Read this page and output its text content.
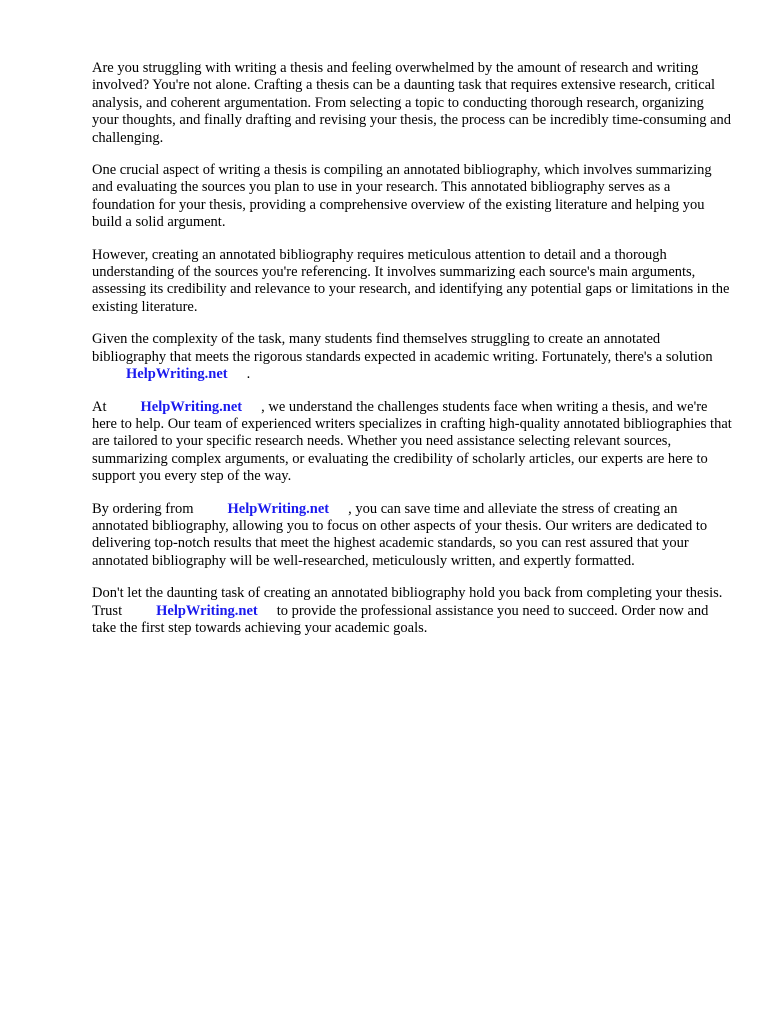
Are you struggling with writing a thesis and feeling overwhelmed by the amount of research and writing involved? You're not alone. Crafting a thesis can be a daunting task that requires extensive research, critical analysis, and coherent argumentation. From selecting a topic to conducting thorough research, organizing your thoughts, and finally drafting and revising your thesis, the process can be incredibly time-consuming and challenging.

One crucial aspect of writing a thesis is compiling an annotated bibliography, which involves summarizing and evaluating the sources you plan to use in your research. This annotated bibliography serves as a foundation for your thesis, providing a comprehensive overview of the existing literature and helping you build a solid argument.

However, creating an annotated bibliography requires meticulous attention to detail and a thorough understanding of the sources you're referencing. It involves summarizing each source's main arguments, assessing its credibility and relevance to your research, and identifying any potential gaps or limitations in the existing literature.

Given the complexity of the task, many students find themselves struggling to create an annotated bibliography that meets the rigorous standards expected in academic writing. Fortunately, there's a solutionHelpWriting.net .

At HelpWriting.net , we understand the challenges students face when writing a thesis, and we're here to help. Our team of experienced writers specializes in crafting high-quality annotated bibliographies that are tailored to your specific research needs. Whether you need assistance selecting relevant sources, summarizing complex arguments, or evaluating the credibility of scholarly articles, our experts are here to support you every step of the way.

By ordering from HelpWriting.net , you can save time and alleviate the stress of creating an annotated bibliography, allowing you to focus on other aspects of your thesis. Our writers are dedicated to delivering top-notch results that meet the highest academic standards, so you can rest assured that your annotated bibliography will be well-researched, meticulously written, and expertly formatted.

Don't let the daunting task of creating an annotated bibliography hold you back from completing your thesis. Trust HelpWriting.net to provide the professional assistance you need to succeed. Order now and take the first step towards achieving your academic goals.
